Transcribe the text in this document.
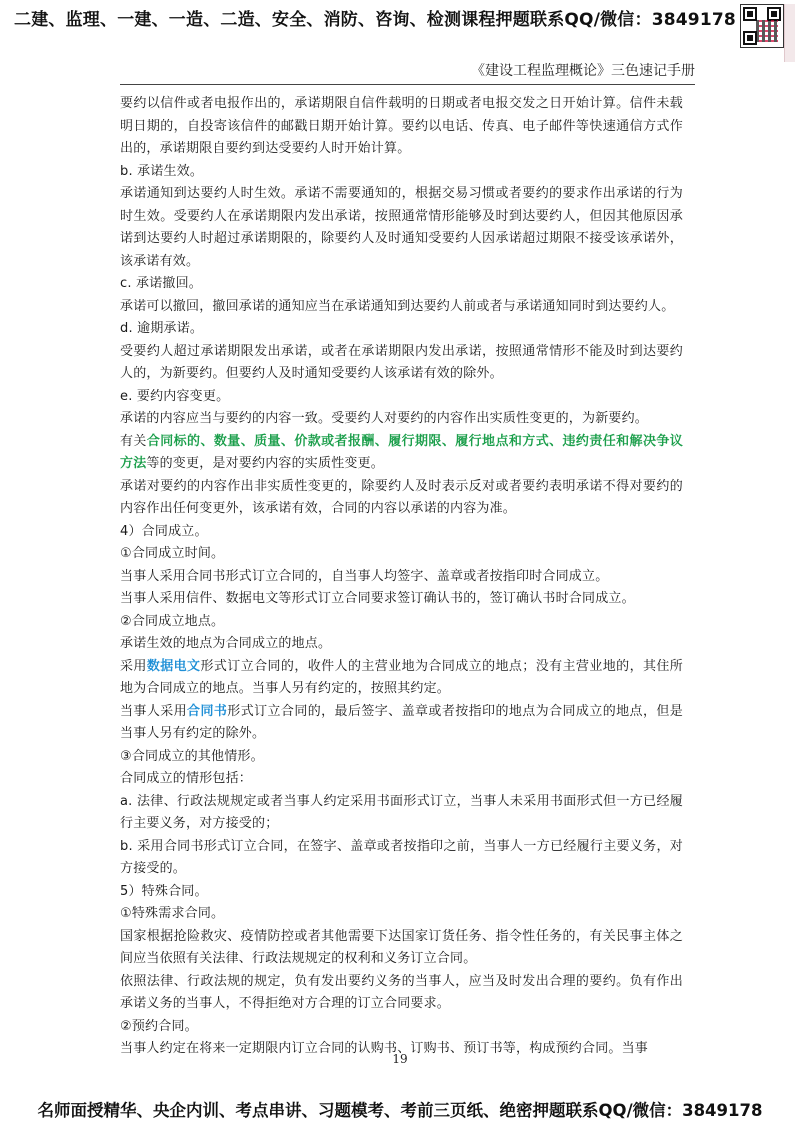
二建、监理、一建、一造、二造、安全、消防、咨询、检测课程押题联系QQ/微信：3849178
《建设工程监理概论》三色速记手册

要约以信件或者电报作出的，承诺期限自信件载明的日期或者电报交发之日开始计算。信件未载明日期的，自投寄该信件的邮戳日期开始计算。要约以电话、传真、电子邮件等快速通信方式作出的，承诺期限自要约到达受要约人时开始计算。

b. 承诺生效。

承诺通知到达要约人时生效。承诺不需要通知的，根据交易习惯或者要约的要求作出承诺的行为时生效。受要约人在承诺期限内发出承诺，按照通常情形能够及时到达要约人，但因其他原因承诺到达要约人时超过承诺期限的，除要约人及时通知受要约人因承诺超过期限不接受该承诺外，该承诺有效。

c. 承诺撤回。

承诺可以撤回，撤回承诺的通知应当在承诺通知到达要约人前或者与承诺通知同时到达要约人。

d. 逾期承诺。

受要约人超过承诺期限发出承诺，或者在承诺期限内发出承诺，按照通常情形不能及时到达要约人的，为新要约。但要约人及时通知受要约人该承诺有效的除外。

e. 要约内容变更。

承诺的内容应当与要约的内容一致。受要约人对要约的内容作出实质性变更的，为新要约。

有关合同标的、数量、质量、价款或者报酬、履行期限、履行地点和方式、违约责任和解决争议方法等的变更，是对要约内容的实质性变更。

承诺对要约的内容作出非实质性变更的，除要约人及时表示反对或者要约表明承诺不得对要约的内容作出任何变更外，该承诺有效，合同的内容以承诺的内容为准。

4）合同成立。

①合同成立时间。

当事人采用合同书形式订立合同的，自当事人均签字、盖章或者按指印时合同成立。

当事人采用信件、数据电文等形式订立合同要求签订确认书的，签订确认书时合同成立。

②合同成立地点。

承诺生效的地点为合同成立的地点。

采用数据电文形式订立合同的，收件人的主营业地为合同成立的地点；没有主营业地的，其住所地为合同成立的地点。当事人另有约定的，按照其约定。

当事人采用合同书形式订立合同的，最后签字、盖章或者按指印的地点为合同成立的地点，但是当事人另有约定的除外。

③合同成立的其他情形。

合同成立的情形包括：

a. 法律、行政法规规定或者当事人约定采用书面形式订立，当事人未采用书面形式但一方已经履行主要义务，对方接受的；

b. 采用合同书形式订立合同，在签字、盖章或者按指印之前，当事人一方已经履行主要义务，对方接受的。

5）特殊合同。

①特殊需求合同。

国家根据抢险救灾、疫情防控或者其他需要下达国家订货任务、指令性任务的，有关民事主体之间应当依照有关法律、行政法规规定的权利和义务订立合同。

依照法律、行政法规的规定，负有发出要约义务的当事人，应当及时发出合理的要约。负有作出承诺义务的当事人，不得拒绝对方合理的订立合同要求。

②预约合同。

当事人约定在将来一定期限内订立合同的认购书、订购书、预订书等，构成预约合同。当事

19
名师面授精华、央企内训、考点串讲、习题模考、考前三页纸、绝密押题联系QQ/微信：3849178
